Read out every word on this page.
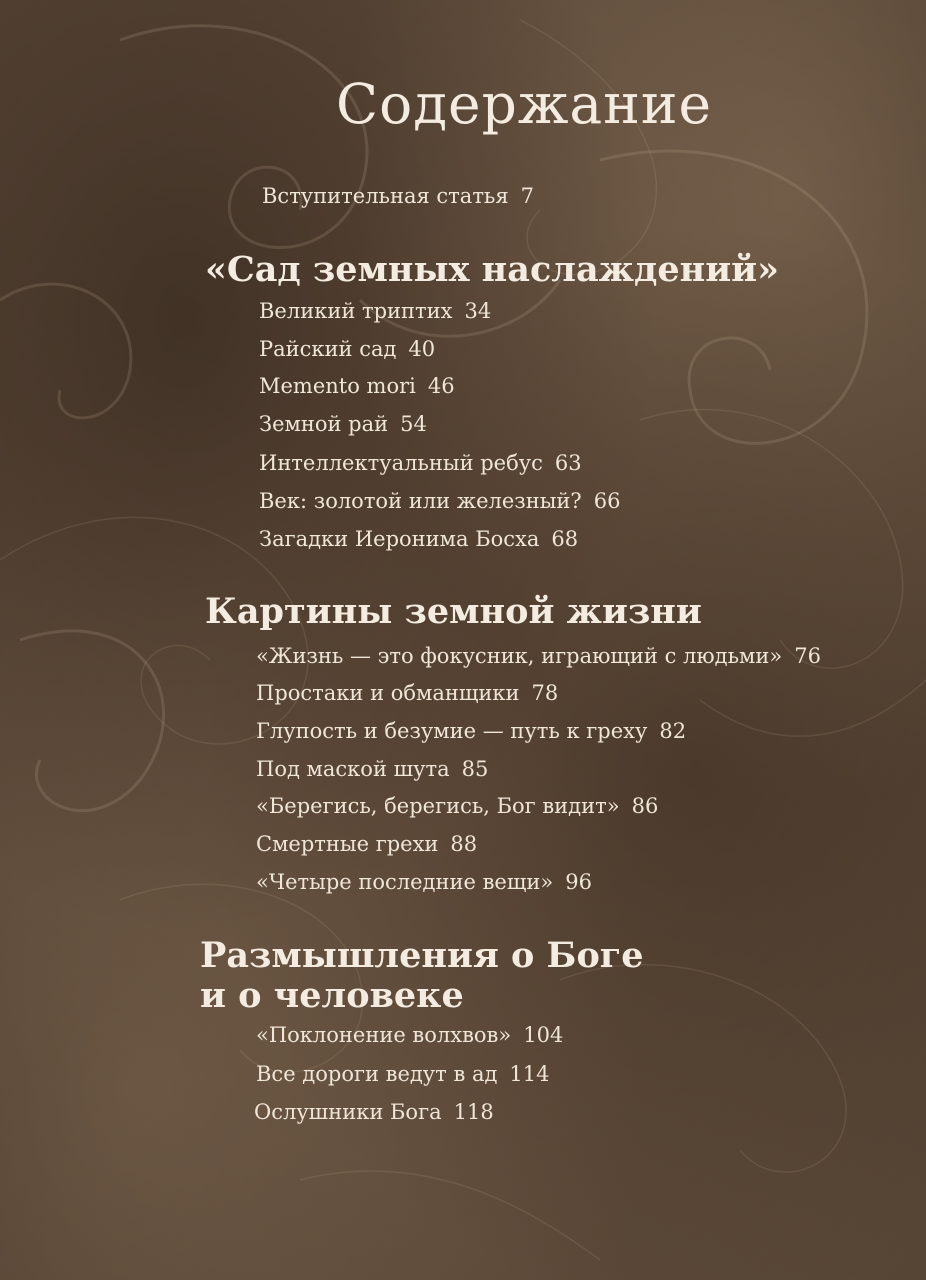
Содержание
Вступительная статья 7
«Сад земных наслаждений»
Великий триптих 34
Райский сад 40
Memento mori 46
Земной рай 54
Интеллектуальный ребус 63
Век: золотой или железный? 66
Загадки Иеронима Босха 68
Картины земной жизни
«Жизнь — это фокусник, играющий с людьми» 76
Простаки и обманщики 78
Глупость и безумие — путь к греху 82
Под маской шута 85
«Берегись, берегись, Бог видит» 86
Смертные грехи 88
«Четыре последние вещи» 96
Размышления о Боге
и о человеке
«Поклонение волхвов» 104
Все дороги ведут в ад 114
Ослушники Бога 118
